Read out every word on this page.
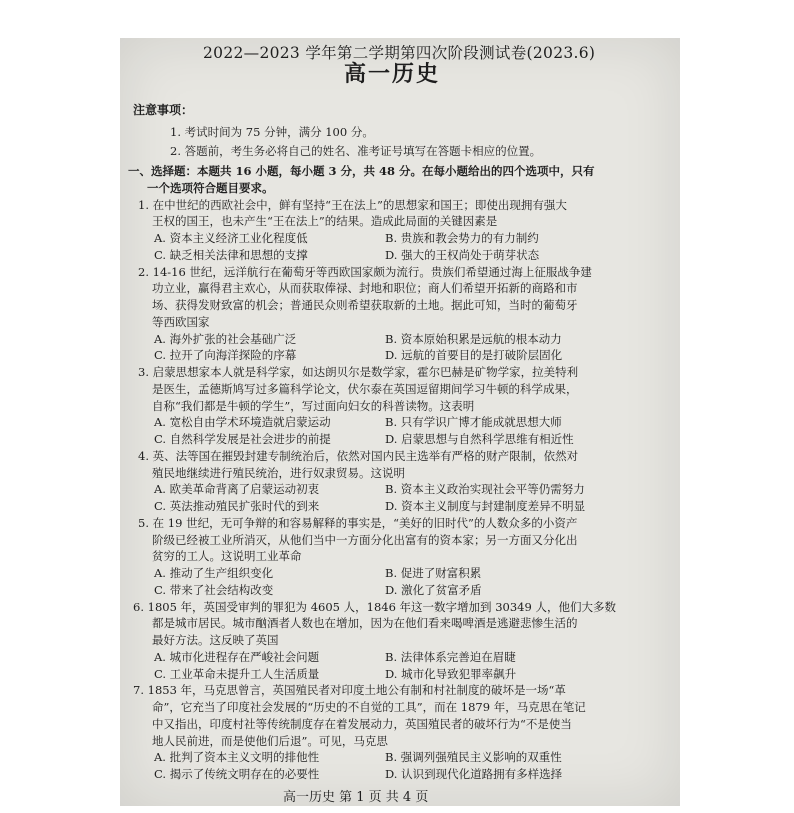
2022—2023 学年第二学期第四次阶段测试卷(2023.6)
高一历史
注意事项：
1. 考试时间为 75 分钟，满分 100 分。
2. 答题前，考生务必将自己的姓名、准考证号填写在答题卡相应的位置。
一、选择题：本题共 16 小题，每小题 3 分，共 48 分。在每小题给出的四个选项中，只有
一个选项符合题目要求。
1. 在中世纪的西欧社会中，鲜有坚持“王在法上”的思想家和国王；即使出现拥有强大
王权的国王，也未产生“王在法上”的结果。造成此局面的关键因素是
A. 资本主义经济工业化程度低	B. 贵族和教会势力的有力制约
C. 缺乏相关法律和思想的支撑	D. 强大的王权尚处于萌芽状态
2. 14-16 世纪，远洋航行在葡萄牙等西欧国家颇为流行。贵族们希望通过海上征服战争建
功立业，赢得君主欢心，从而获取俸禄、封地和职位；商人们希望开拓新的商路和市
场、获得发财致富的机会；普通民众则希望获取新的土地。据此可知，当时的葡萄牙
等西欧国家
A. 海外扩张的社会基础广泛	B. 资本原始积累是远航的根本动力
C. 拉开了向海洋探险的序幕	D. 远航的首要目的是打破阶层固化
3. 启蒙思想家本人就是科学家，如达朗贝尔是数学家，霍尔巴赫是矿物学家，拉美特利
是医生，孟德斯鸠写过多篇科学论文，伏尔泰在英国逗留期间学习牛顿的科学成果，
自称“我们都是牛顿的学生”，写过面向妇女的科普读物。这表明
A. 宽松自由学术环境造就启蒙运动	B. 只有学识广博才能成就思想大师
C. 自然科学发展是社会进步的前提	D. 启蒙思想与自然科学思维有相近性
4. 英、法等国在摧毁封建专制统治后，依然对国内民主选举有严格的财产限制，依然对
殖民地继续进行殖民统治，进行奴隶贸易。这说明
A. 欧美革命背离了启蒙运动初衷	B. 资本主义政治实现社会平等仍需努力
C. 英法推动殖民扩张时代的到来	D. 资本主义制度与封建制度差异不明显
5. 在 19 世纪，无可争辩的和容易解释的事实是，“美好的旧时代”的人数众多的小资产
阶级已经被工业所消灭，从他们当中一方面分化出富有的资本家；另一方面又分化出
贫穷的工人。这说明工业革命
A. 推动了生产组织变化	B. 促进了财富积累
C. 带来了社会结构改变	D. 激化了贫富矛盾
6. 1805 年，英国受审判的罪犯为 4605 人，1846 年这一数字增加到 30349 人，他们大多数
都是城市居民。城市酗酒者人数也在增加，因为在他们看来喝啤酒是逃避悲惨生活的
最好方法。这反映了英国
A. 城市化进程存在严峻社会问题	B. 法律体系完善迫在眉睫
C. 工业革命未提升工人生活质量	D. 城市化导致犯罪率飙升
7. 1853 年，马克思曾言，英国殖民者对印度土地公有制和村社制度的破坏是一场“革
命”，它充当了印度社会发展的“历史的不自觉的工具”，而在 1879 年，马克思在笔记
高一历史 第 1 页 共 4 页
中又指出，印度村社等传统制度存在着发展动力，英国殖民者的破坏行为“不是使当
地人民前进，而是使他们后退”。可见，马克思
A. 批判了资本主义文明的排他性	B. 强调列强殖民主义影响的双重性
C. 揭示了传统文明存在的必要性	D. 认识到现代化道路拥有多样选择
